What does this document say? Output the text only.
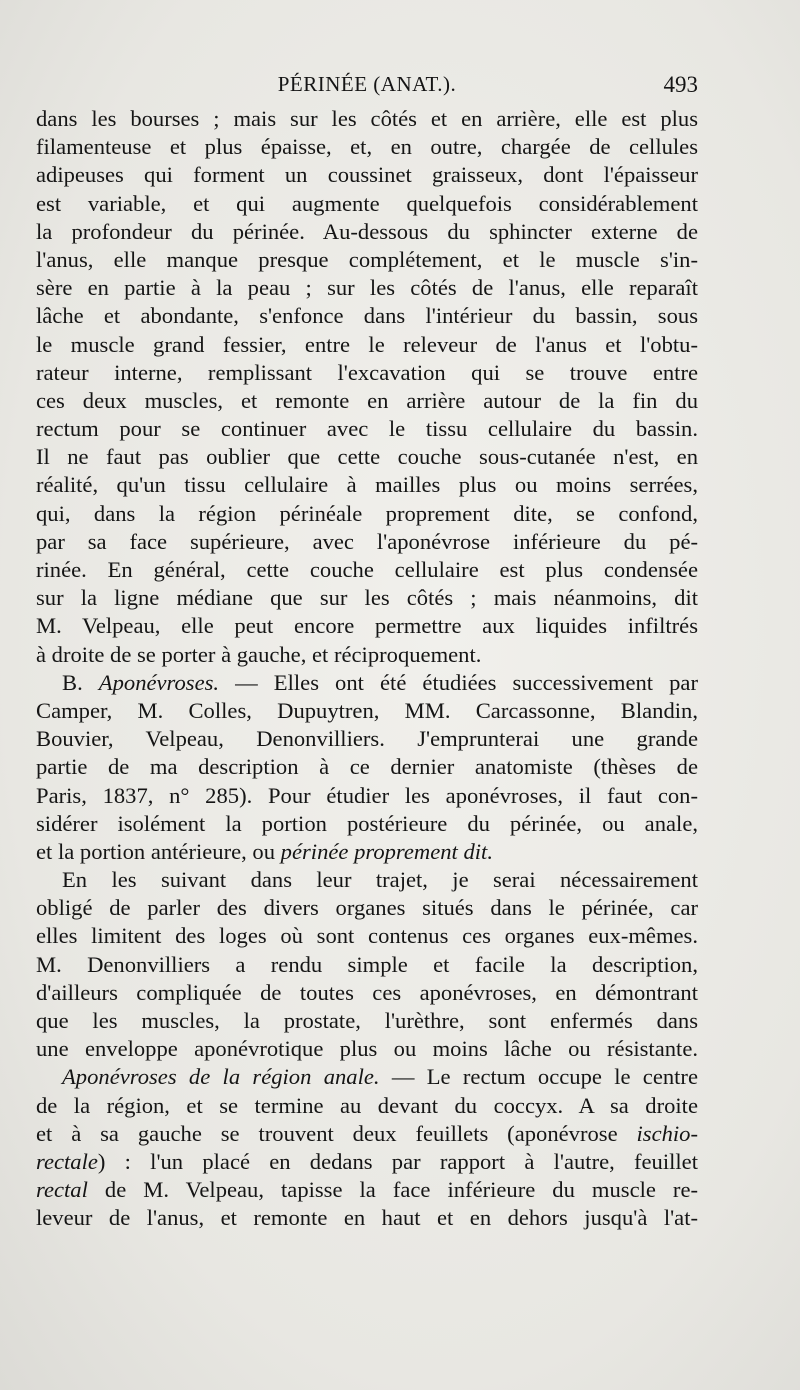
PÉRINÉE (ANAT.).	493
dans les bourses ; mais sur les côtés et en arrière, elle est plus
filamenteuse et plus épaisse, et, en outre, chargée de cellules
adipeuses qui forment un coussinet graisseux, dont l'épaisseur
est variable, et qui augmente quelquefois considérablement
la profondeur du périnée. Au-dessous du sphincter externe de
l'anus, elle manque presque complétement, et le muscle s'in-
sère en partie à la peau ; sur les côtés de l'anus, elle reparaît
lâche et abondante, s'enfonce dans l'intérieur du bassin, sous
le muscle grand fessier, entre le releveur de l'anus et l'obtu-
rateur interne, remplissant l'excavation qui se trouve entre
ces deux muscles, et remonte en arrière autour de la fin du
rectum pour se continuer avec le tissu cellulaire du bassin.
Il ne faut pas oublier que cette couche sous-cutanée n'est, en
réalité, qu'un tissu cellulaire à mailles plus ou moins serrées,
qui, dans la région périnéale proprement dite, se confond,
par sa face supérieure, avec l'aponévrose inférieure du pé-
rinée. En général, cette couche cellulaire est plus condensée
sur la ligne médiane que sur les côtés ; mais néanmoins, dit
M. Velpeau, elle peut encore permettre aux liquides infiltrés
à droite de se porter à gauche, et réciproquement.
B. Aponévroses. — Elles ont été étudiées successivement par
Camper, M. Colles, Dupuytren, MM. Carcassonne, Blandin,
Bouvier, Velpeau, Denonvilliers. J'emprunterai une grande
partie de ma description à ce dernier anatomiste (thèses de
Paris, 1837, n° 285). Pour étudier les aponévroses, il faut con-
sidérer isolément la portion postérieure du périnée, ou anale,
et la portion antérieure, ou périnée proprement dit.
En les suivant dans leur trajet, je serai nécessairement
obligé de parler des divers organes situés dans le périnée, car
elles limitent des loges où sont contenus ces organes eux-mêmes.
M. Denonvilliers a rendu simple et facile la description,
d'ailleurs compliquée de toutes ces aponévroses, en démontrant
que les muscles, la prostate, l'urèthre, sont enfermés dans
une enveloppe aponévrotique plus ou moins lâche ou résistante.
Aponévroses de la région anale. — Le rectum occupe le centre
de la région, et se termine au devant du coccyx. A sa droite
et à sa gauche se trouvent deux feuillets (aponévrose ischio-
rectale) : l'un placé en dedans par rapport à l'autre, feuillet
rectal de M. Velpeau, tapisse la face inférieure du muscle re-
leveur de l'anus, et remonte en haut et en dehors jusqu'à l'at-
